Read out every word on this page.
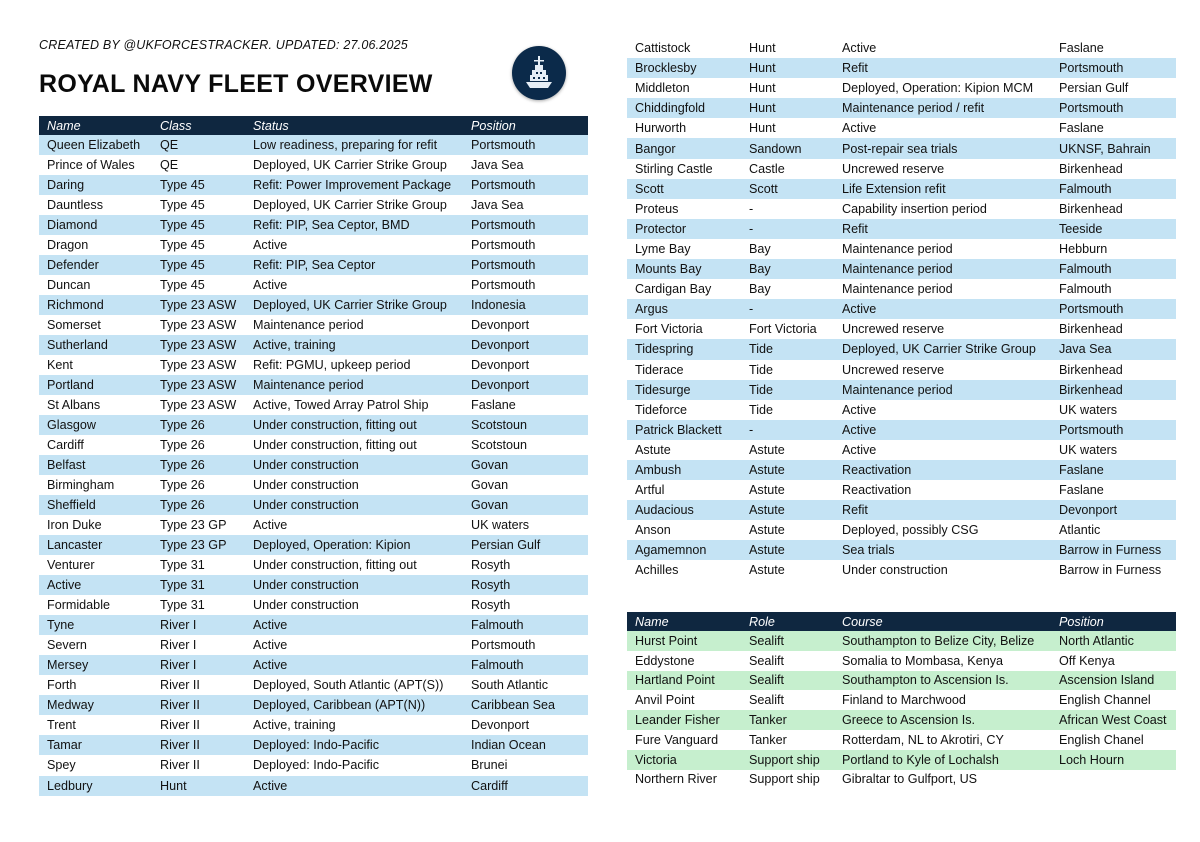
CREATED BY @UKFORCESTRACKER. UPDATED: 27.06.2025
ROYAL NAVY FLEET OVERVIEW
Name	Class	Status	Position
Queen Elizabeth	QE	Low readiness, preparing for refit	Portsmouth
Prince of Wales	QE	Deployed, UK Carrier Strike Group	Java Sea
Daring	Type 45	Refit: Power Improvement Package	Portsmouth
Dauntless	Type 45	Deployed, UK Carrier Strike Group	Java Sea
Diamond	Type 45	Refit: PIP, Sea Ceptor, BMD	Portsmouth
Dragon	Type 45	Active	Portsmouth
Defender	Type 45	Refit: PIP, Sea Ceptor	Portsmouth
Duncan	Type 45	Active	Portsmouth
Richmond	Type 23 ASW	Deployed, UK Carrier Strike Group	Indonesia
Somerset	Type 23 ASW	Maintenance period	Devonport
Sutherland	Type 23 ASW	Active, training	Devonport
Kent	Type 23 ASW	Refit: PGMU, upkeep period	Devonport
Portland	Type 23 ASW	Maintenance period	Devonport
St Albans	Type 23 ASW	Active, Towed Array Patrol Ship	Faslane
Glasgow	Type 26	Under construction, fitting out	Scotstoun
Cardiff	Type 26	Under construction, fitting out	Scotstoun
Belfast	Type 26	Under construction	Govan
Birmingham	Type 26	Under construction	Govan
Sheffield	Type 26	Under construction	Govan
Iron Duke	Type 23 GP	Active	UK waters
Lancaster	Type 23 GP	Deployed, Operation: Kipion	Persian Gulf
Venturer	Type 31	Under construction, fitting out	Rosyth
Active	Type 31	Under construction	Rosyth
Formidable	Type 31	Under construction	Rosyth
Tyne	River I	Active	Falmouth
Severn	River I	Active	Portsmouth
Mersey	River I	Active	Falmouth
Forth	River II	Deployed, South Atlantic (APT(S))	South Atlantic
Medway	River II	Deployed, Caribbean (APT(N))	Caribbean Sea
Trent	River II	Active, training	Devonport
Tamar	River II	Deployed: Indo-Pacific	Indian Ocean
Spey	River II	Deployed: Indo-Pacific	Brunei
Ledbury	Hunt	Active	Cardiff
Cattistock	Hunt	Active	Faslane
Brocklesby	Hunt	Refit	Portsmouth
Middleton	Hunt	Deployed, Operation: Kipion MCM	Persian Gulf
Chiddingfold	Hunt	Maintenance period / refit	Portsmouth
Hurworth	Hunt	Active	Faslane
Bangor	Sandown	Post-repair sea trials	UKNSF, Bahrain
Stirling Castle	Castle	Uncrewed reserve	Birkenhead
Scott	Scott	Life Extension refit	Falmouth
Proteus	-	Capability insertion period	Birkenhead
Protector	-	Refit	Teeside
Lyme Bay	Bay	Maintenance period	Hebburn
Mounts Bay	Bay	Maintenance period	Falmouth
Cardigan Bay	Bay	Maintenance period	Falmouth
Argus	-	Active	Portsmouth
Fort Victoria	Fort Victoria	Uncrewed reserve	Birkenhead
Tidespring	Tide	Deployed, UK Carrier Strike Group	Java Sea
Tiderace	Tide	Uncrewed reserve	Birkenhead
Tidesurge	Tide	Maintenance period	Birkenhead
Tideforce	Tide	Active	UK waters
Patrick Blackett	-	Active	Portsmouth
Astute	Astute	Active	UK waters
Ambush	Astute	Reactivation	Faslane
Artful	Astute	Reactivation	Faslane
Audacious	Astute	Refit	Devonport
Anson	Astute	Deployed, possibly CSG	Atlantic
Agamemnon	Astute	Sea trials	Barrow in Furness
Achilles	Astute	Under construction	Barrow in Furness
Name	Role	Course	Position
Hurst Point	Sealift	Southampton to Belize City, Belize	North Atlantic
Eddystone	Sealift	Somalia to Mombasa, Kenya	Off Kenya
Hartland Point	Sealift	Southampton to Ascension Is.	Ascension Island
Anvil Point	Sealift	Finland to Marchwood	English Channel
Leander Fisher	Tanker	Greece to Ascension Is.	African West Coast
Fure Vanguard	Tanker	Rotterdam, NL to Akrotiri, CY	English Chanel
Victoria	Support ship	Portland to Kyle of Lochalsh	Loch Hourn
Northern River	Support ship	Gibraltar to Gulfport, US	
